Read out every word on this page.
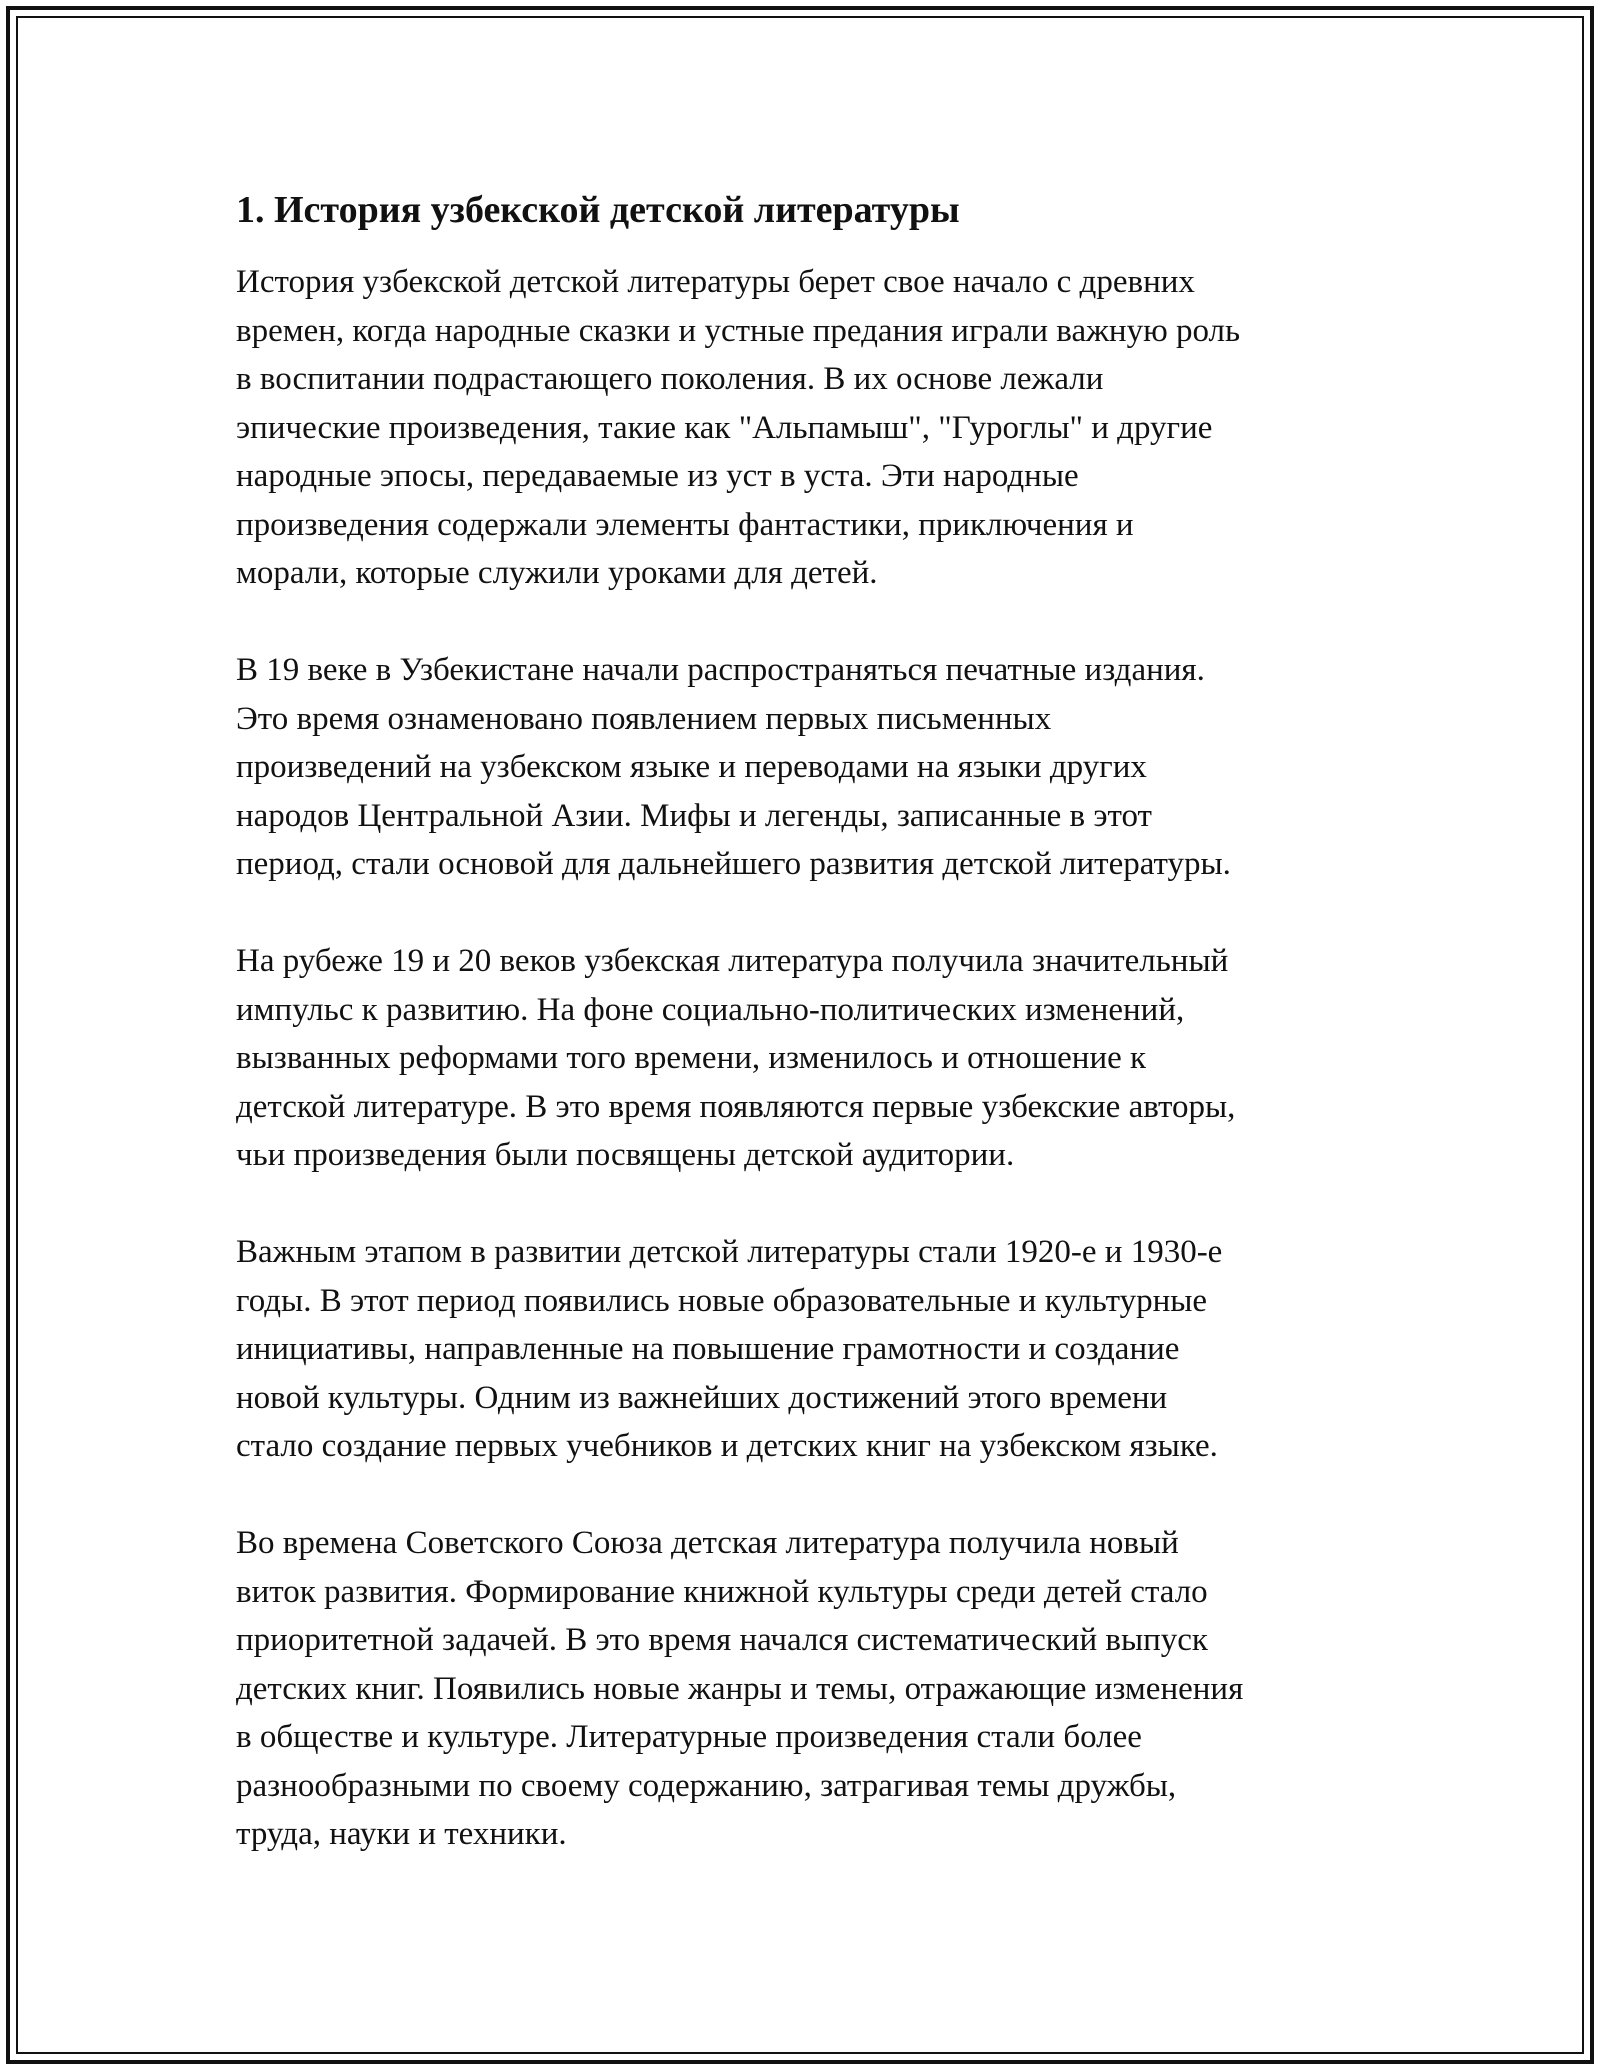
1. История узбекской детской литературы

История узбекской детской литературы берет свое начало с древних
времен, когда народные сказки и устные предания играли важную роль
в воспитании подрастающего поколения. В их основе лежали
эпические произведения, такие как "Альпамыш", "Гуроглы" и другие
народные эпосы, передаваемые из уст в уста. Эти народные
произведения содержали элементы фантастики, приключения и
морали, которые служили уроками для детей.

В 19 веке в Узбекистане начали распространяться печатные издания.
Это время ознаменовано появлением первых письменных
произведений на узбекском языке и переводами на языки других
народов Центральной Азии. Мифы и легенды, записанные в этот
период, стали основой для дальнейшего развития детской литературы.

На рубеже 19 и 20 веков узбекская литература получила значительный
импульс к развитию. На фоне социально-политических изменений,
вызванных реформами того времени, изменилось и отношение к
детской литературе. В это время появляются первые узбекские авторы,
чьи произведения были посвящены детской аудитории.

Важным этапом в развитии детской литературы стали 1920-е и 1930-е
годы. В этот период появились новые образовательные и культурные
инициативы, направленные на повышение грамотности и создание
новой культуры. Одним из важнейших достижений этого времени
стало создание первых учебников и детских книг на узбекском языке.

Во времена Советского Союза детская литература получила новый
виток развития. Формирование книжной культуры среди детей стало
приоритетной задачей. В это время начался систематический выпуск
детских книг. Появились новые жанры и темы, отражающие изменения
в обществе и культуре. Литературные произведения стали более
разнообразными по своему содержанию, затрагивая темы дружбы,
труда, науки и техники.
